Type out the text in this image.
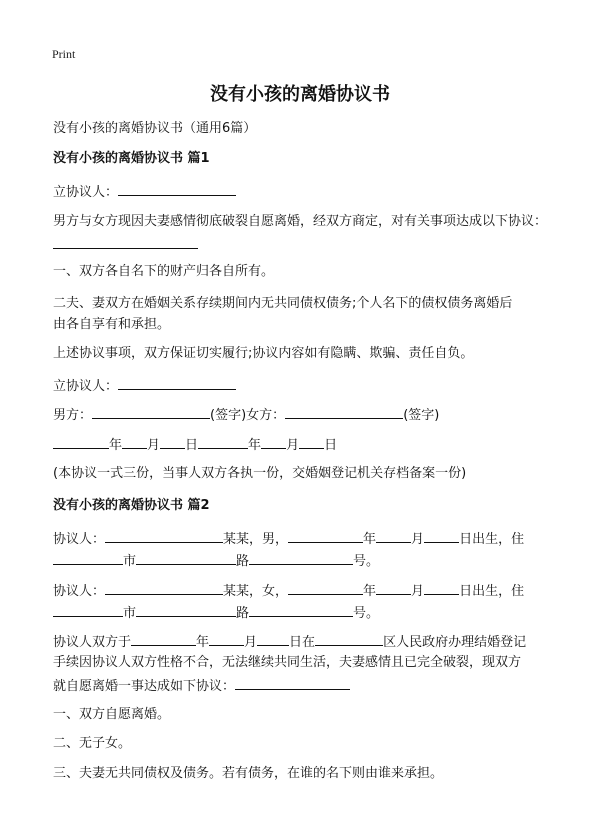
Print
没有小孩的离婚协议书
没有小孩的离婚协议书（通用6篇）
没有小孩的离婚协议书 篇1
立协议人：
男方与女方现因夫妻感情彻底破裂自愿离婚，经双方商定，对有关事项达成以下协议：
一、双方各自名下的财产归各自所有。
二夫、妻双方在婚姻关系存续期间内无共同债权债务;个人名下的债权债务离婚后
由各自享有和承担。
上述协议事项，双方保证切实履行;协议内容如有隐瞒、欺骗、责任自负。
立协议人：
男方：	(签字)女方：	(签字)
年 月 日	年 月 日
(本协议一式三份，当事人双方各执一份，交婚姻登记机关存档备案一份)
没有小孩的离婚协议书 篇2
协议人：	某某，男，	年	月	日出生，住
市	路	号。
协议人：	某某，女，	年	月	日出生，住
市	路	号。
协议人双方于	年	月 日在	区人民政府办理结婚登记
手续因协议人双方性格不合，无法继续共同生活，夫妻感情且已完全破裂，现双方
就自愿离婚一事达成如下协议：
一、双方自愿离婚。
二、无子女。
三、夫妻无共同债权及债务。若有债务，在谁的名下则由谁来承担。
